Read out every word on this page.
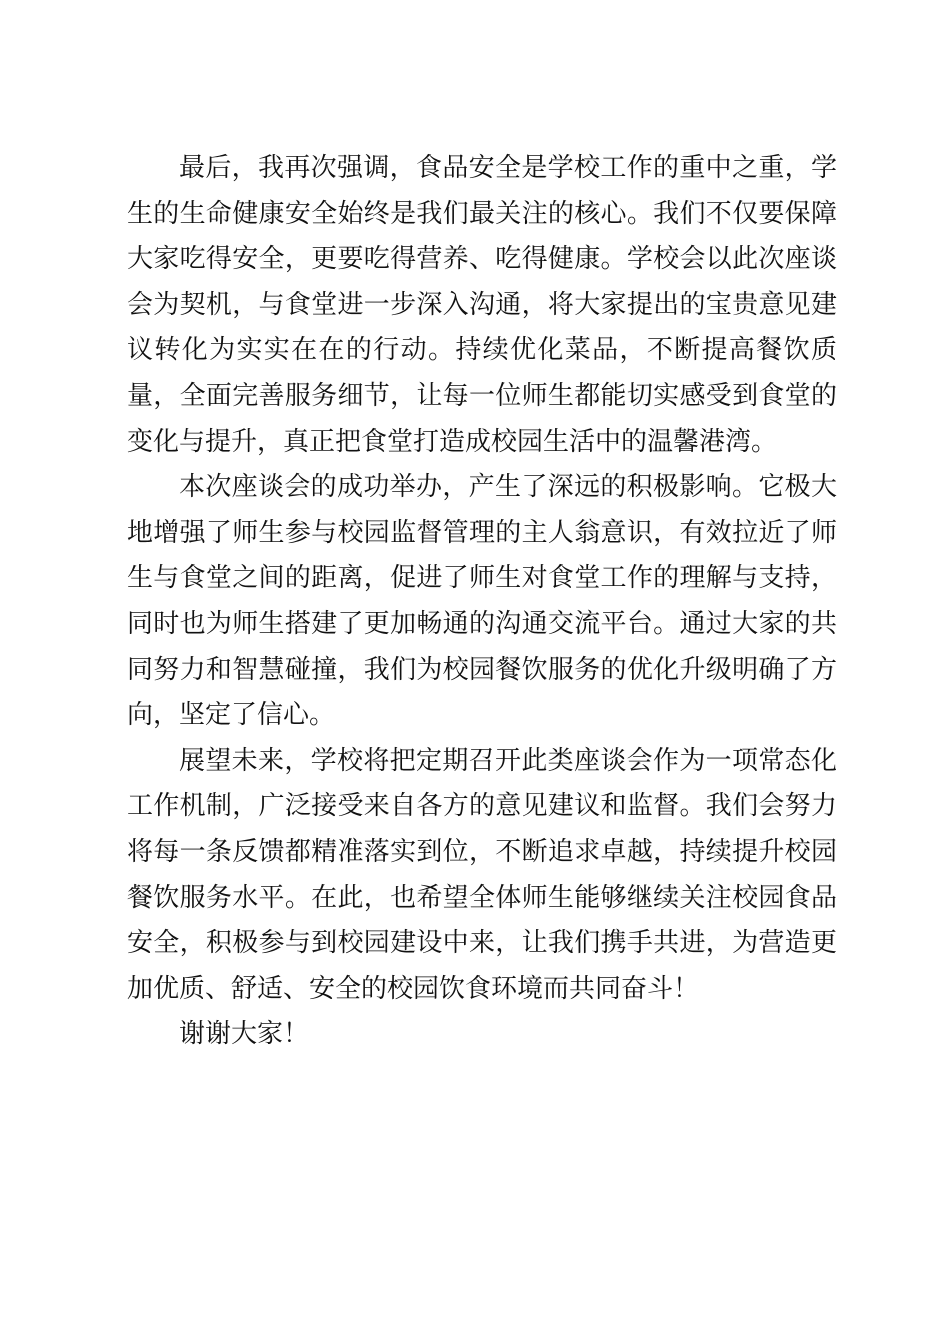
最后，我再次强调，食品安全是学校工作的重中之重，学生的生命健康安全始终是我们最关注的核心。我们不仅要保障大家吃得安全，更要吃得营养、吃得健康。学校会以此次座谈会为契机，与食堂进一步深入沟通，将大家提出的宝贵意见建议转化为实实在在的行动。持续优化菜品，不断提高餐饮质量，全面完善服务细节，让每一位师生都能切实感受到食堂的变化与提升，真正把食堂打造成校园生活中的温馨港湾。

本次座谈会的成功举办，产生了深远的积极影响。它极大地增强了师生参与校园监督管理的主人翁意识，有效拉近了师生与食堂之间的距离，促进了师生对食堂工作的理解与支持，同时也为师生搭建了更加畅通的沟通交流平台。通过大家的共同努力和智慧碰撞，我们为校园餐饮服务的优化升级明确了方向，坚定了信心。

展望未来，学校将把定期召开此类座谈会作为一项常态化工作机制，广泛接受来自各方的意见建议和监督。我们会努力将每一条反馈都精准落实到位，不断追求卓越，持续提升校园餐饮服务水平。在此，也希望全体师生能够继续关注校园食品安全，积极参与到校园建设中来，让我们携手共进，为营造更加优质、舒适、安全的校园饮食环境而共同奋斗！

谢谢大家！
